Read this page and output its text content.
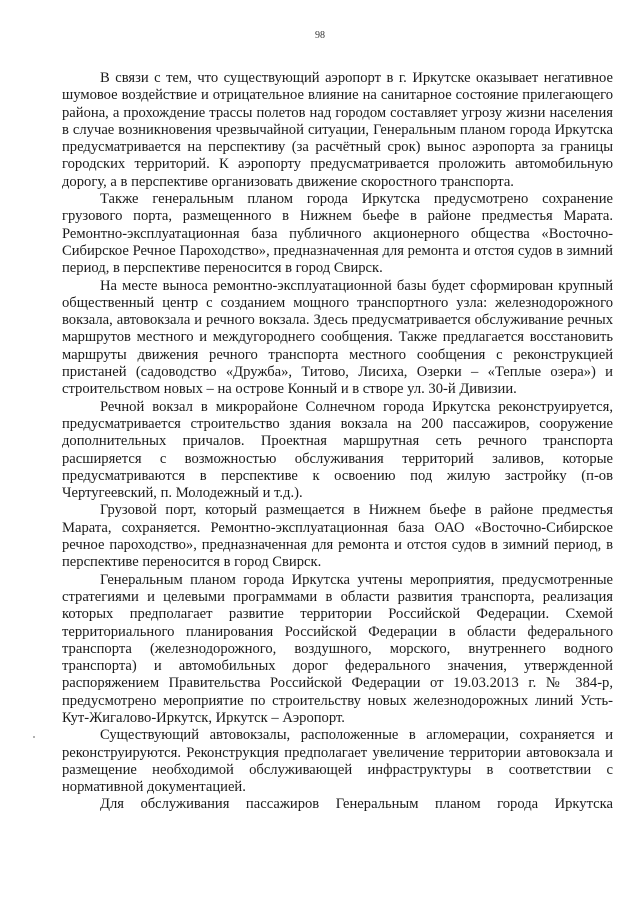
98

В связи с тем, что существующий аэропорт в г. Иркутске оказывает негативное шумовое воздействие и отрицательное влияние на санитарное состояние прилегающего района, а прохождение трассы полетов над городом составляет угрозу жизни населения в случае возникновения чрезвычайной ситуации, Генеральным планом города Иркутска предусматривается на перспективу (за расчётный срок) вынос аэропорта за границы городских территорий. К аэропорту предусматривается проложить автомобильную дорогу, а в перспективе организовать движение скоростного транспорта.

Также генеральным планом города Иркутска предусмотрено сохранение грузового порта, размещенного в Нижнем бьефе в районе предместья Марата. Ремонтно-эксплуатационная база публичного акционерного общества «Восточно-Сибирское Речное Пароходство», предназначенная для ремонта и отстоя судов в зимний период, в перспективе переносится в город Свирск.

На месте выноса ремонтно-эксплуатационной базы будет сформирован крупный общественный центр с созданием мощного транспортного узла: железнодорожного вокзала, автовокзала и речного вокзала. Здесь предусматривается обслуживание речных маршрутов местного и междугороднего сообщения. Также предлагается восстановить маршруты движения речного транспорта местного сообщения с реконструкцией пристаней (садоводство «Дружба», Титово, Лисиха, Озерки – «Теплые озера») и строительством новых – на острове Конный и в створе ул. 30-й Дивизии.

Речной вокзал в микрорайоне Солнечном города Иркутска реконструируется, предусматривается строительство здания вокзала на 200 пассажиров, сооружение дополнительных причалов. Проектная маршрутная сеть речного транспорта расширяется с возможностью обслуживания территорий заливов, которые предусматриваются в перспективе к освоению под жилую застройку (п-ов Чертугеевский, п. Молодежный и т.д.).

Грузовой порт, который размещается в Нижнем бьефе в районе предместья Марата, сохраняется. Ремонтно-эксплуатационная база ОАО «Восточно-Сибирское речное пароходство», предназначенная для ремонта и отстоя судов в зимний период, в перспективе переносится в город Свирск.

Генеральным планом города Иркутска учтены мероприятия, предусмотренные стратегиями и целевыми программами в области развития транспорта, реализация которых предполагает развитие территории Российской Федерации. Схемой территориального планирования Российской Федерации в области федерального транспорта (железнодорожного, воздушного, морского, внутреннего водного транспорта) и автомобильных дорог федерального значения, утвержденной распоряжением Правительства Российской Федерации от 19.03.2013 г. № 384-р, предусмотрено мероприятие по строительству новых железнодорожных линий Усть-Кут-Жигалово-Иркутск, Иркутск – Аэропорт.

Существующий автовокзалы, расположенные в агломерации, сохраняется и реконструируются. Реконструкция предполагает увеличение территории автовокзала и размещение необходимой обслуживающей инфраструктуры в соответствии с нормативной документацией.

Для обслуживания пассажиров Генеральным планом города Иркутска
